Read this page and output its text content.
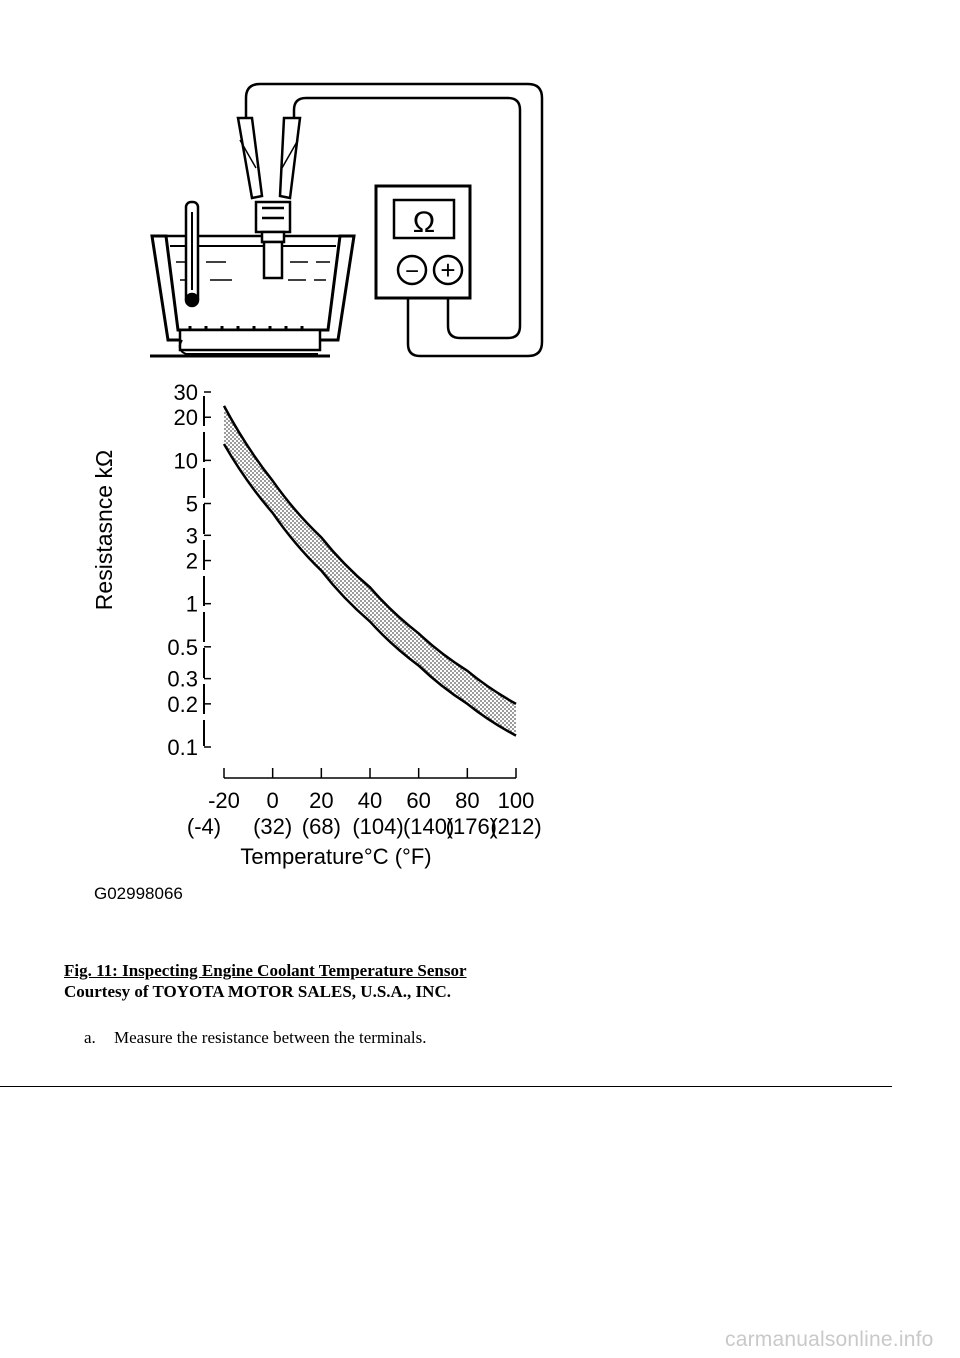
Ω
− +
30
20
10
5
3
2
1
0.5
0.3
0.2
0.1
-20 0 20 40 60 80 100
(-4) (32) (68) (104) (140)
(176)
(212)
Temperature°C (°F)
Resistasnce kΩ
G02998066
Fig. 11: Inspecting Engine Coolant Temperature Sensor
Courtesy of TOYOTA MOTOR SALES, U.S.A., INC.
a. Measure the resistance between the terminals.
carmanualsonline.info
